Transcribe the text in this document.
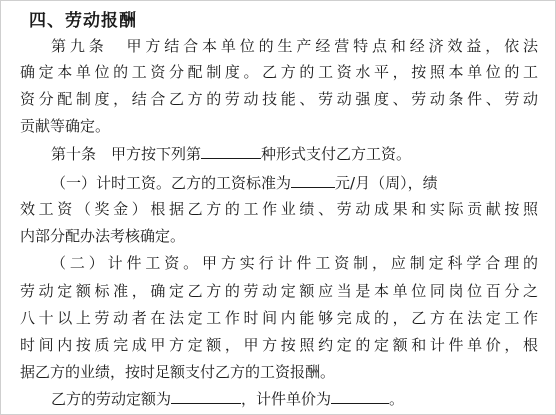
四、劳动报酬
第九条　甲方结合本单位的生产经营特点和经济效益，依法
确定本单位的工资分配制度。乙方的工资水平，按照本单位的工
资分配制度，结合乙方的劳动技能、劳动强度、劳动条件、劳动
贡献等确定。
第十条　甲方按下列第	种形式支付乙方工资。
（一）计时工资。乙方的工资标准为	元/月（周），绩
效工资（奖金）根据乙方的工作业绩、劳动成果和实际贡献按照
内部分配办法考核确定。
（二）计件工资。甲方实行计件工资制，应制定科学合理的
劳动定额标准，确定乙方的劳动定额应当是本单位同岗位百分之
八十以上劳动者在法定工作时间内能够完成的，乙方在法定工作
时间内按质完成甲方定额，甲方按照约定的定额和计件单价，根
据乙方的业绩，按时足额支付乙方的工资报酬。
乙方的劳动定额为	，计件单价为	。
